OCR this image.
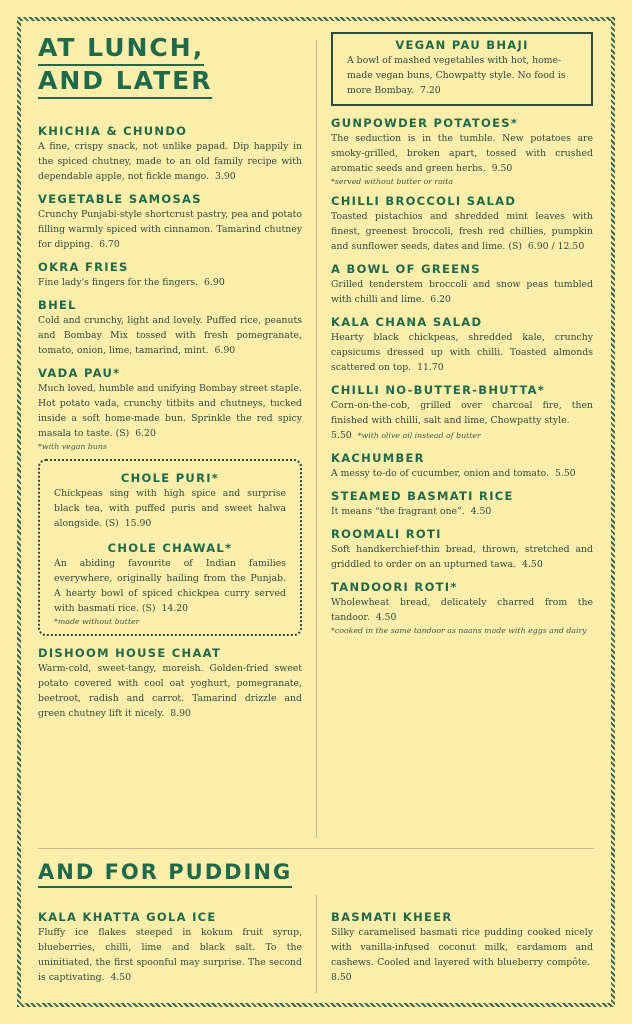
AT LUNCH,
AND LATER
KHICHIA & CHUNDO

A fine, crispy snack, not unlike papad. Dip happily in the spiced chutney, made to an old family recipe with dependable apple, not fickle mango. 3.90

VEGETABLE SAMOSAS

Crunchy Punjabi-style shortcrust pastry, pea and potato filling warmly spiced with cinnamon. Tamarind chutney for dipping. 6.70

OKRA FRIES

Fine lady's fingers for the fingers. 6.90

BHEL

Cold and crunchy, light and lovely. Puffed rice, peanuts and Bombay Mix tossed with fresh pomegranate, tomato, onion, lime, tamarind, mint. 6.90

VADA PAU*

Much loved, humble and unifying Bombay street staple. Hot potato vada, crunchy titbits and chutneys, tucked inside a soft home-made bun. Sprinkle the red spicy masala to taste. (S) 6.20

*with vegan buns
CHOLE PURI*

Chickpeas sing with high spice and surprise black tea, with puffed puris and sweet halwa alongside. (S) 15.90

CHOLE CHAWAL*

An abiding favourite of Indian families everywhere, originally hailing from the Punjab. A hearty bowl of spiced chickpea curry served with basmati rice. (S) 14.20

*made without butter
DISHOOM HOUSE CHAAT

Warm-cold, sweet-tangy, moreish. Golden-fried sweet potato covered with cool oat yoghurt, pomegranate, beetroot, radish and carrot. Tamarind drizzle and green chutney lift it nicely. 8.90

VEGAN PAU BHAJI

A bowl of mashed vegetables with hot, home-made vegan buns, Chowpatty style. No food is more Bombay. 7.20

GUNPOWDER POTATOES*

The seduction is in the tumble. New potatoes are smoky-grilled, broken apart, tossed with crushed aromatic seeds and green herbs. 9.50

*served without butter or raita
CHILLI BROCCOLI SALAD

Toasted pistachios and shredded mint leaves with finest, greenest broccoli, fresh red chillies, pumpkin and sunflower seeds, dates and lime. (S) 6.90 / 12.50

A BOWL OF GREENS

Grilled tenderstem broccoli and snow peas tumbled with chilli and lime. 6.20

KALA CHANA SALAD

Hearty black chickpeas, shredded kale, crunchy capsicums dressed up with chilli. Toasted almonds scattered on top. 11.70

CHILLI NO-BUTTER-BHUTTA*

Corn-on-the-cob, grilled over charcoal fire, then finished with chilli, salt and lime, Chowpatty style.

5.50 *with olive oil instead of butter
KACHUMBER

A messy to-do of cucumber, onion and tomato. 5.50

STEAMED BASMATI RICE

It means “the fragrant one”. 4.50

ROOMALI ROTI

Soft handkerchief-thin bread, thrown, stretched and griddled to order on an upturned tawa. 4.50

TANDOORI ROTI*

Wholewheat bread, delicately charred from the tandoor. 4.50

*cooked in the same tandoor as naans made with eggs and dairy
AND FOR PUDDING
KALA KHATTA GOLA ICE

Fluffy ice flakes steeped in kokum fruit syrup, blueberries, chilli, lime and black salt. To the uninitiated, the first spoonful may surprise. The second is captivating. 4.50

BASMATI KHEER

Silky caramelised basmati rice pudding cooked nicely with vanilla-infused coconut milk, cardamom and cashews. Cooled and layered with blueberry compôte.  8.50
